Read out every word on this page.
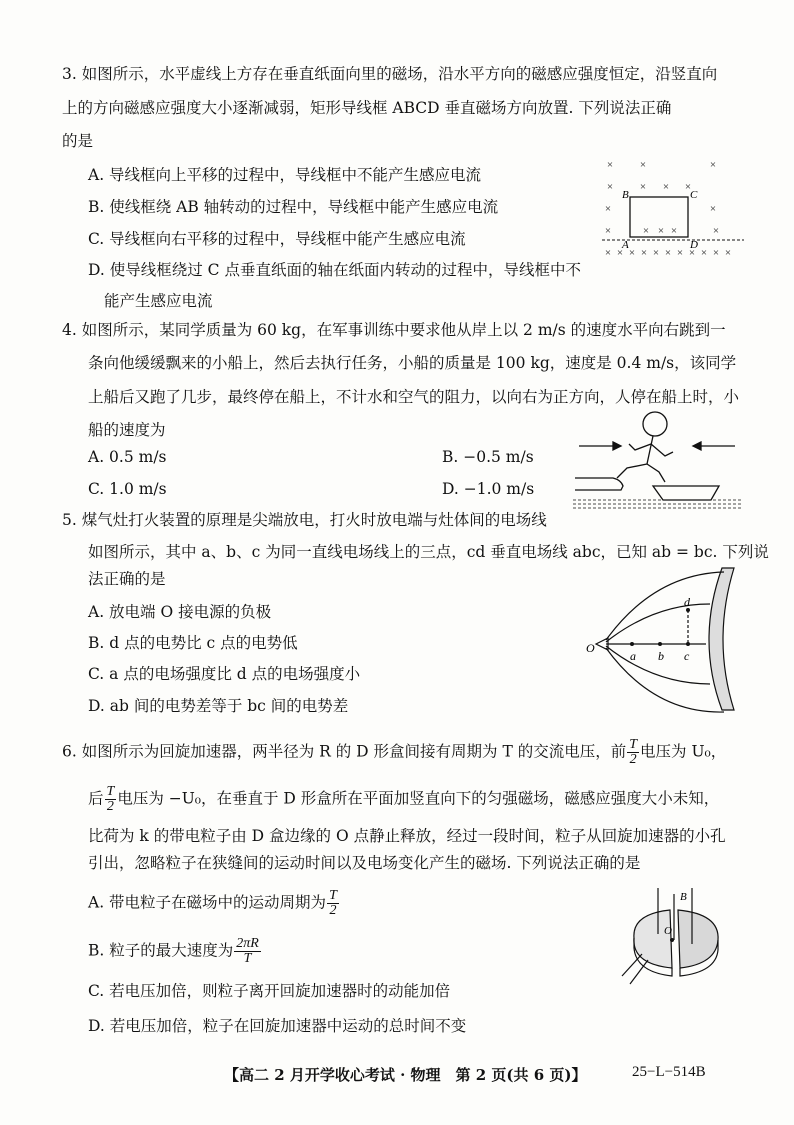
3. 如图所示，水平虚线上方存在垂直纸面向里的磁场，沿水平方向的磁感应强度恒定，沿竖直向
上的方向磁感应强度大小逐渐减弱，矩形导线框 ABCD 垂直磁场方向放置. 下列说法正确
的是
A. 导线框向上平移的过程中，导线框中不能产生感应电流
B. 使线框绕 AB 轴转动的过程中，导线框中能产生感应电流
C. 导线框向右平移的过程中，导线框中能产生感应电流
D. 使导线框绕过 C 点垂直纸面的轴在纸面内转动的过程中，导线框中不
能产生感应电流
× ×	×
× × × ×
×	×
×	× × ×	×
× × × × × × × × × × ×
B	C
A	D
4. 如图所示，某同学质量为 60 kg，在军事训练中要求他从岸上以 2 m/s 的速度水平向右跳到一
条向他缓缓飘来的小船上，然后去执行任务，小船的质量是 100 kg，速度是 0.4 m/s，该同学
上船后又跑了几步，最终停在船上，不计水和空气的阻力，以向右为正方向，人停在船上时，小
船的速度为
A. 0.5 m/s	B. −0.5 m/s
C. 1.0 m/s	D. −1.0 m/s
5. 煤气灶打火装置的原理是尖端放电，打火时放电端与灶体间的电场线
如图所示，其中 a、b、c 为同一直线电场线上的三点，cd 垂直电场线 abc，已知 ab = bc. 下列说
法正确的是
A. 放电端 O 接电源的负极
B. d 点的电势比 c 点的电势低
C. a 点的电场强度比 d 点的电场强度小
D. ab 间的电势差等于 bc 间的电势差
O
a b c
d
6. 如图所示为回旋加速器，两半径为 R 的 D 形盒间接有周期为 T 的交流电压，前 $\frac{T}{2}$ 电压为 U₀，
后 $\frac{T}{2}$ 电压为 −U₀，在垂直于 D 形盒所在平面加竖直向下的匀强磁场，磁感应强度大小未知，
比荷为 k 的带电粒子由 D 盒边缘的 O 点静止释放，经过一段时间，粒子从回旋加速器的小孔
引出，忽略粒子在狭缝间的运动时间以及电场变化产生的磁场. 下列说法正确的是
A. 带电粒子在磁场中的运动周期为 $\frac{T}{2}$
B. 粒子的最大速度为 $\frac{2\pi R}{T}$
C. 若电压加倍，则粒子离开回旋加速器时的动能加倍
D. 若电压加倍，粒子在回旋加速器中运动的总时间不变
B
O
【高二 2 月开学收心考试 · 物理　第 2 页(共 6 页)】	25−L−514B
